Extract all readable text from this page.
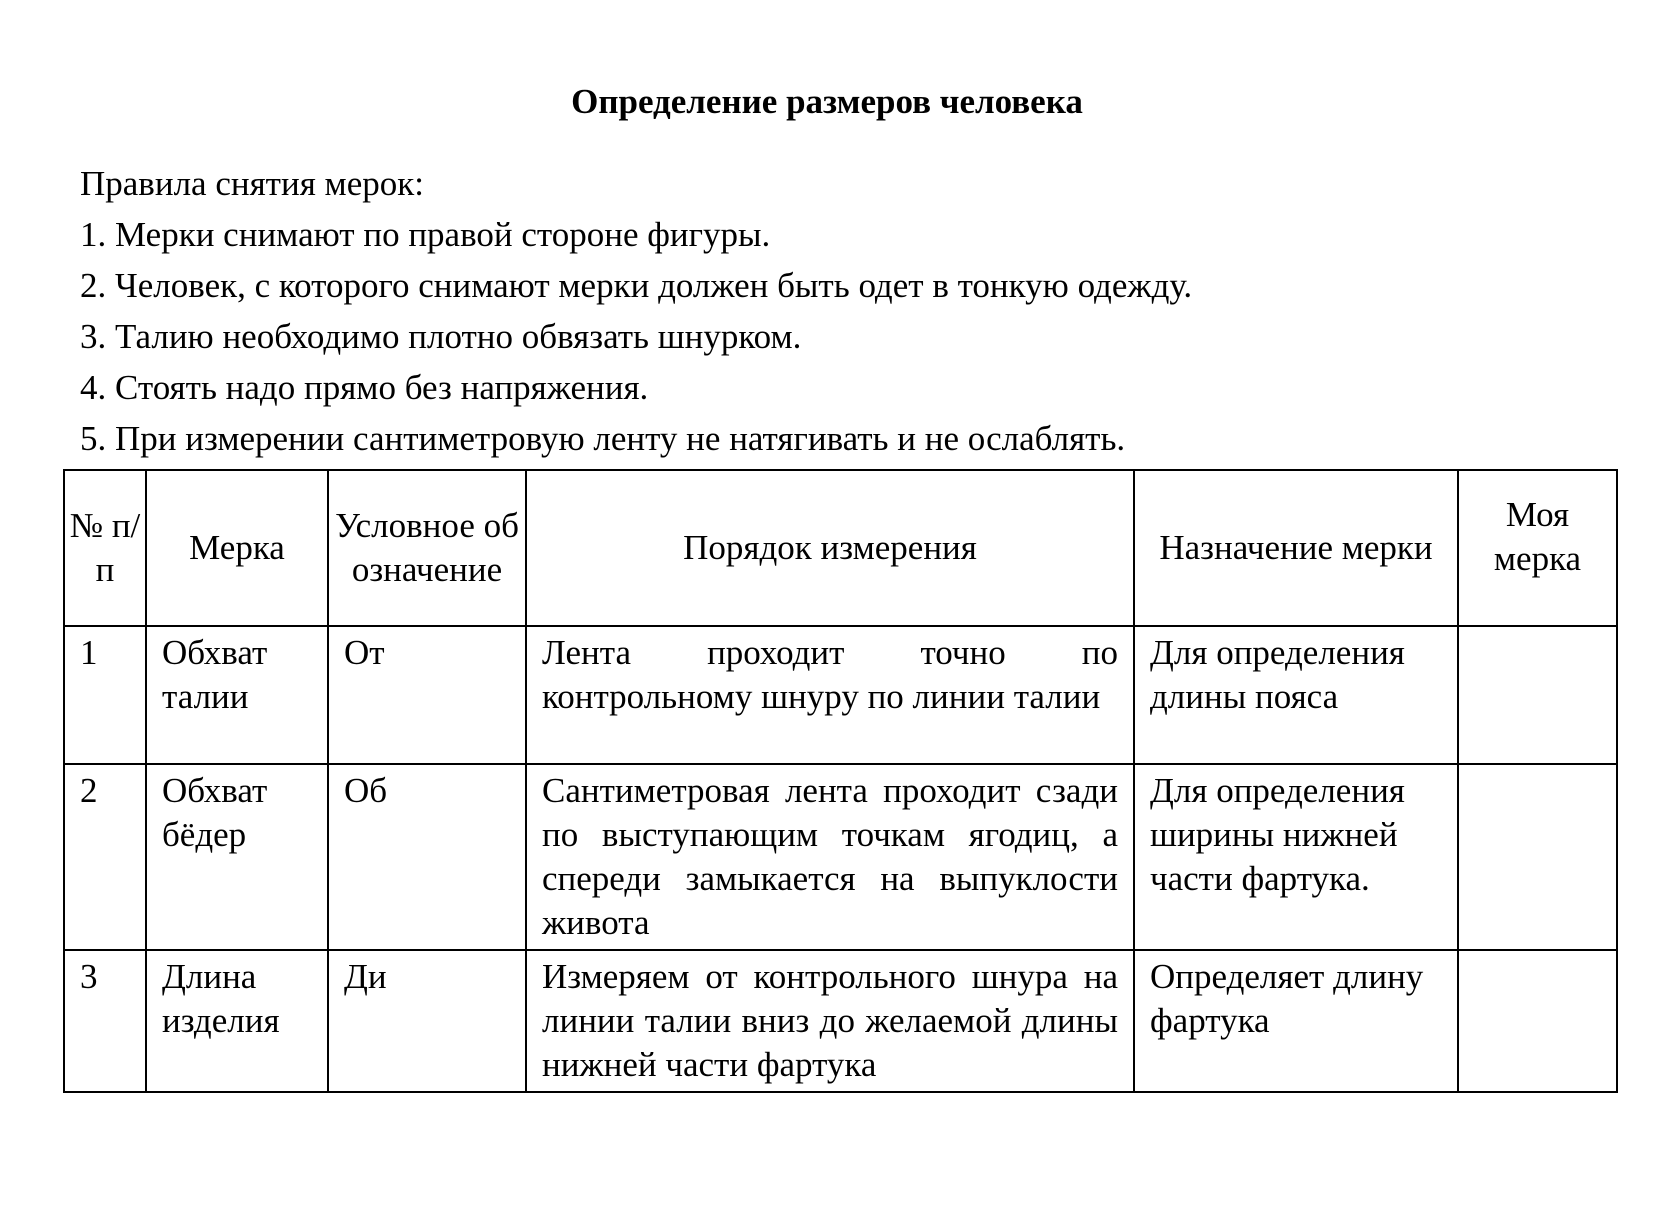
Определение размеров человека
Правила снятия мерок:
1. Мерки снимают по правой стороне фигуры.
2. Человек, с которого снимают мерки должен быть одет в тонкую одежду.
3. Талию необходимо плотно обвязать шнурком.
4. Стоять надо прямо без напряжения.
5. При измерении сантиметровую ленту не натягивать и не ослаблять.
№ п/п	Мерка	Условное обозначение	Порядок измерения	Назначение мерки	Моя мерка
1	Обхват талии	От	Лента проходит точно по контрольному шнуру по линии талии	Для определения длины пояса	
2	Обхват бёдер	Об	Сантиметровая лента проходит сзади по выступающим точкам ягодиц, а спереди замыкается на выпуклости живота	Для определения ширины нижней части фартука.	
3	Длина изделия	Ди	Измеряем от контрольного шнура на линии талии вниз до желаемой длины нижней части фартука	Определяет длину фартука	
